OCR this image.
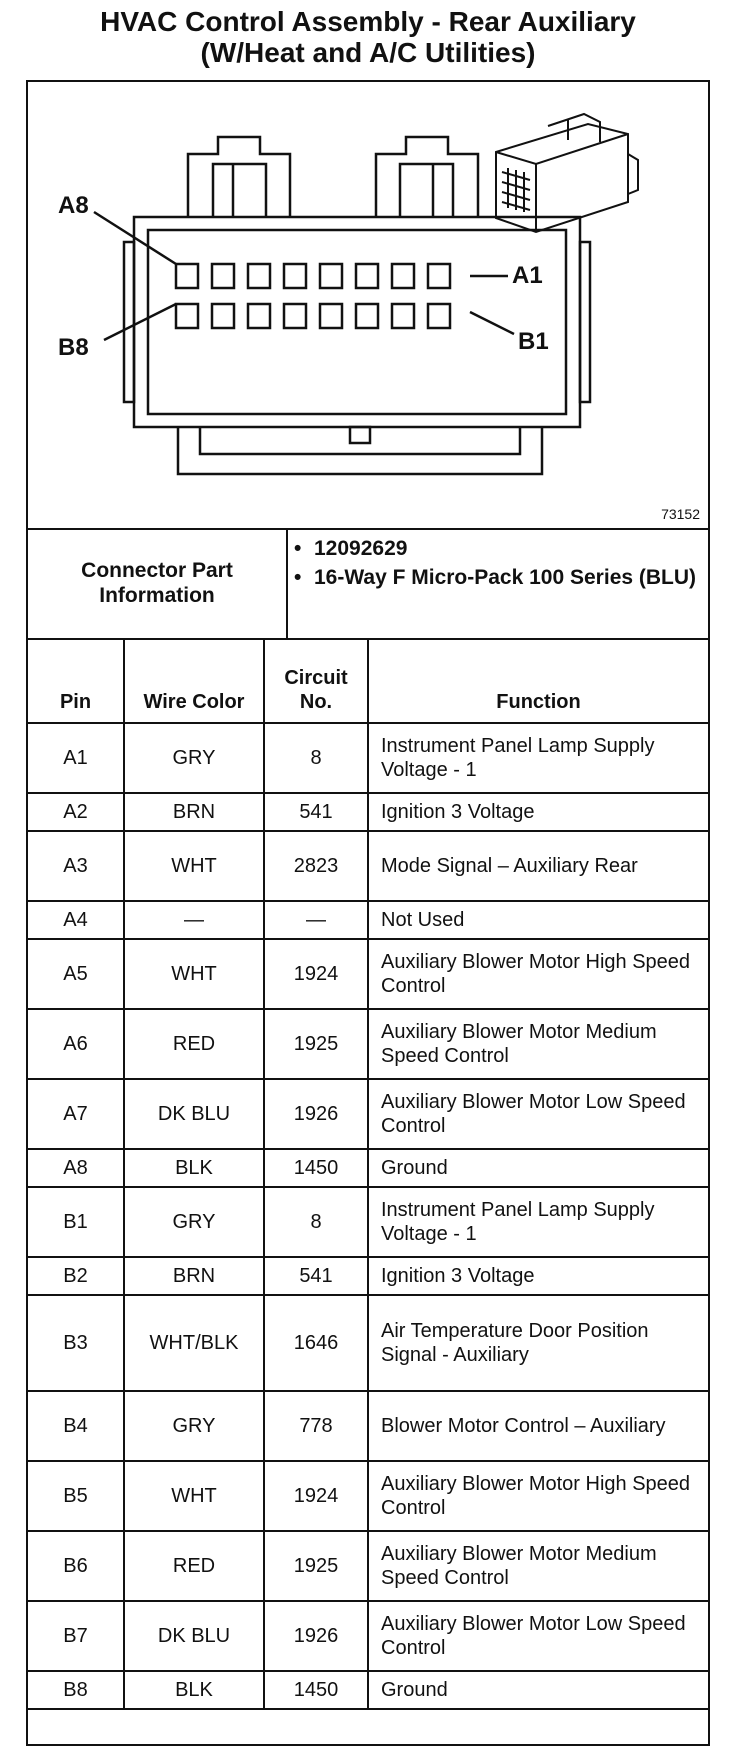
HVAC Control Assembly - Rear Auxiliary
(W/Heat and A/C Utilities)
A8
A1
B8	B1
73152
Connector Part Information
• 12092629
• 16-Way F Micro-Pack 100 Series (BLU)
Pin	Wire Color	Circuit No.	Function
A1	GRY	8	Instrument Panel Lamp Supply Voltage - 1
A2	BRN	541	Ignition 3 Voltage
A3	WHT	2823	Mode Signal – Auxiliary Rear
A4	—	—	Not Used
A5	WHT	1924	Auxiliary Blower Motor High Speed Control
A6	RED	1925	Auxiliary Blower Motor Medium Speed Control
A7	DK BLU	1926	Auxiliary Blower Motor Low Speed Control
A8	BLK	1450	Ground
B1	GRY	8	Instrument Panel Lamp Supply Voltage - 1
B2	BRN	541	Ignition 3 Voltage
B3	WHT/BLK	1646	Air Temperature Door Position Signal - Auxiliary
B4	GRY	778	Blower Motor Control – Auxiliary
B5	WHT	1924	Auxiliary Blower Motor High Speed Control
B6	RED	1925	Auxiliary Blower Motor Medium Speed Control
B7	DK BLU	1926	Auxiliary Blower Motor Low Speed Control
B8	BLK	1450	Ground
